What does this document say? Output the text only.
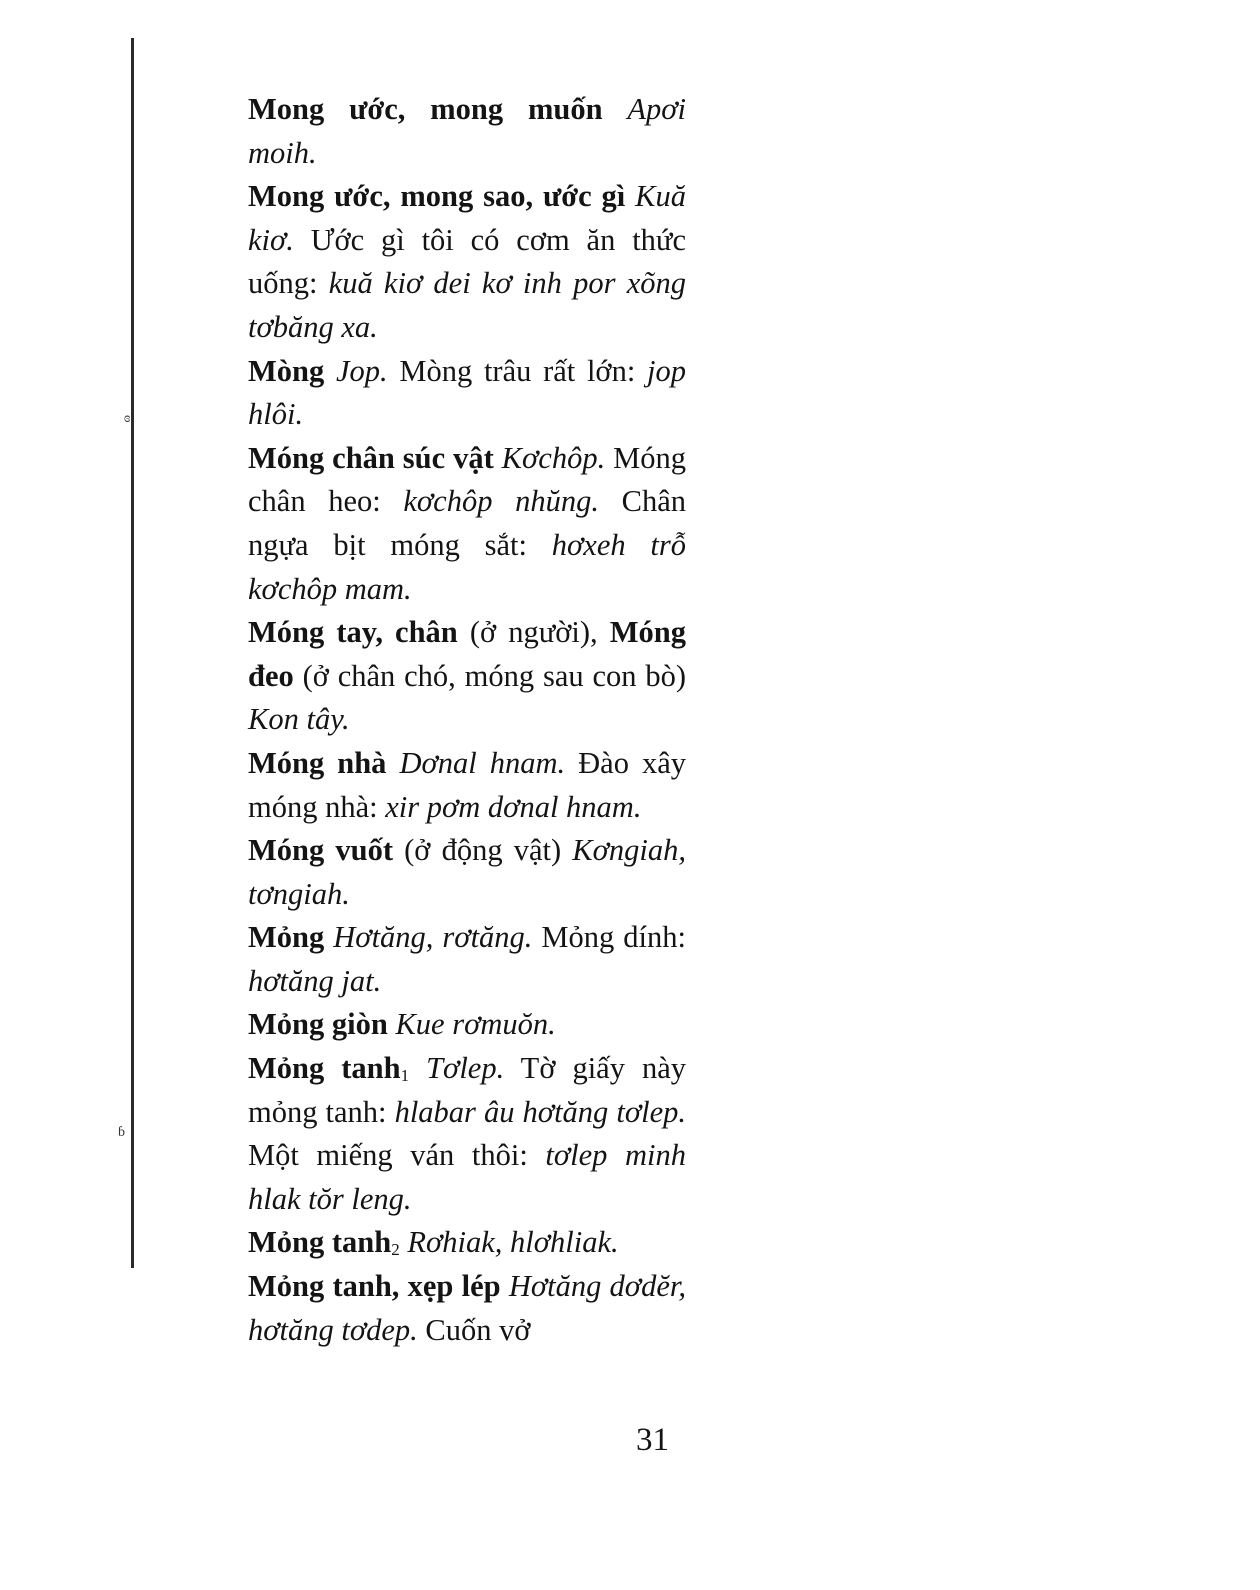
ɞ
ɓ

Mong ước, mong muốn Apơi moih.

Mong ước, mong sao, ước gì Kuă kiơ. Ước gì tôi có cơm ăn thức uống: kuă kiơ dei kơ inh por xõng tơbăng xa.

Mòng Jop. Mòng trâu rất lớn: jop hlôi.

Móng chân súc vật Kơchôp. Móng chân heo: kơchôp nhŭng. Chân ngựa bịt móng sắt: hơxeh trỗ kơchôp mam.

Móng tay, chân (ở người), Móng đeo (ở chân chó, móng sau con bò) Kon tây.

Móng nhà Dơnal hnam. Đào xây móng nhà: xir pơm dơnal hnam.

Móng vuốt (ở động vật) Kơngiah, tơngiah.

Mỏng Hơtăng, rơtăng. Mỏng dính: hơtăng jat.

Mỏng giòn Kue rơmuŏn.

Mỏng $\tanh_1$ Tơlep. Tờ giấy này mỏng tanh: hlabar âu hơtăng tơlep. Một miếng ván thôi: tơlep minh hlak tŏr leng.

Mỏng $\tanh_2$ Rơhiak, hlơhliak.

Mỏng tanh, xẹp lép Hơtăng dơdĕr, hơtăng tơdep. Cuốn vở

31
